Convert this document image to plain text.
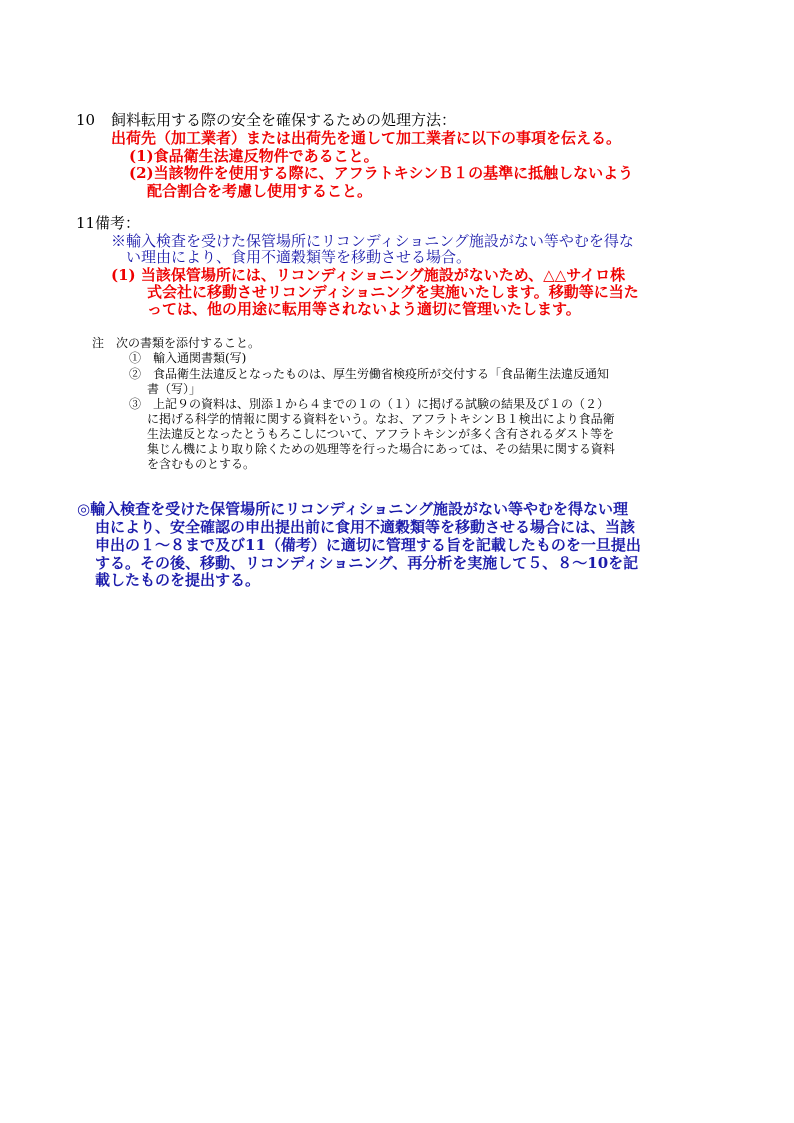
10 飼料転用する際の安全を確保するための処理方法：
出荷先（加工業者）または出荷先を通して加工業者に以下の事項を伝える。
(1)食品衛生法違反物件であること。
(2)当該物件を使用する際に、アフラトキシンＢ１の基準に抵触しないよう
配合割合を考慮し使用すること。
11 備考：
※輸入検査を受けた保管場所にリコンディショニング施設がない等やむを得な
い理由により、食用不適穀類等を移動させる場合。
(1) 当該保管場所には、リコンディショニング施設がないため、△△サイロ株
式会社に移動させリコンディショニングを実施いたします。移動等に当た
っては、他の用途に転用等されないよう適切に管理いたします。
注　次の書類を添付すること。
①　輸入通関書類(写)
②　食品衛生法違反となったものは、厚生労働省検疫所が交付する「食品衛生法違反通知
書（写）」
③　上記９の資料は、別添１から４までの１の（１）に掲げる試験の結果及び１の（２）
に掲げる科学的情報に関する資料をいう。なお、アフラトキシンＢ１検出により食品衛
生法違反となったとうもろこしについて、アフラトキシンが多く含有されるダスト等を
集じん機により取り除くための処理等を行った場合にあっては、その結果に関する資料
を含むものとする。
◎輸入検査を受けた保管場所にリコンディショニング施設がない等やむを得ない理
由により、安全確認の申出提出前に食用不適穀類等を移動させる場合には、当該
申出の１～８まで及び11（備考）に適切に管理する旨を記載したものを一旦提出
する。その後、移動、リコンディショニング、再分析を実施して５、８～10を記
載したものを提出する。
